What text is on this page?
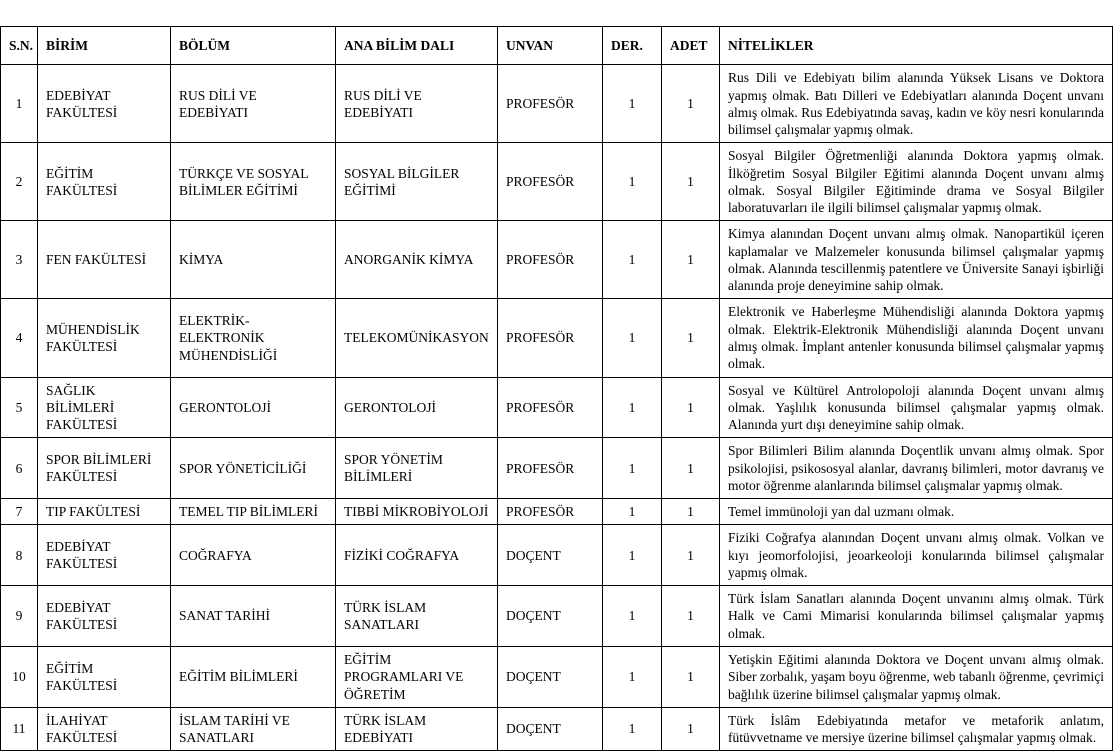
S.N.	BİRİM	BÖLÜM	ANA BİLİM DALI	UNVAN	DER.	ADET	NİTELİKLER
1	EDEBİYAT FAKÜLTESİ	RUS DİLİ VE EDEBİYATI	RUS DİLİ VE EDEBİYATI	PROFESÖR	1	1	Rus Dili ve Edebiyatı bilim alanında Yüksek Lisans ve Doktora yapmış olmak. Batı Dilleri ve Edebiyatları alanında Doçent unvanı almış olmak. Rus Edebiyatında savaş, kadın ve köy nesri konularında bilimsel çalışmalar yapmış olmak.
2	EĞİTİM FAKÜLTESİ	TÜRKÇE VE SOSYAL BİLİMLER EĞİTİMİ	SOSYAL BİLGİLER EĞİTİMİ	PROFESÖR	1	1	Sosyal Bilgiler Öğretmenliği alanında Doktora yapmış olmak. İlköğretim Sosyal Bilgiler Eğitimi alanında Doçent unvanı almış olmak. Sosyal Bilgiler Eğitiminde drama ve Sosyal Bilgiler laboratuvarları ile ilgili bilimsel çalışmalar yapmış olmak.
3	FEN FAKÜLTESİ	KİMYA	ANORGANİK KİMYA	PROFESÖR	1	1	Kimya alanından Doçent unvanı almış olmak. Nanopartikül içeren kaplamalar ve Malzemeler konusunda bilimsel çalışmalar yapmış olmak. Alanında tescillenmiş patentlere ve Üniversite Sanayi işbirliği alanında proje deneyimine sahip olmak.
4	MÜHENDİSLİK FAKÜLTESİ	ELEKTRİK-ELEKTRONİK MÜHENDİSLİĞİ	TELEKOMÜNİKASYON	PROFESÖR	1	1	Elektronik ve Haberleşme Mühendisliği alanında Doktora yapmış olmak. Elektrik-Elektronik Mühendisliği alanında Doçent unvanı almış olmak. İmplant antenler konusunda bilimsel çalışmalar yapmış olmak.
5	SAĞLIK BİLİMLERİ FAKÜLTESİ	GERONTOLOJİ	GERONTOLOJİ	PROFESÖR	1	1	Sosyal ve Kültürel Antrolopoloji alanında Doçent unvanı almış olmak. Yaşlılık konusunda bilimsel çalışmalar yapmış olmak. Alanında yurt dışı deneyimine sahip olmak.
6	SPOR BİLİMLERİ FAKÜLTESİ	SPOR YÖNETİCİLİĞİ	SPOR YÖNETİM BİLİMLERİ	PROFESÖR	1	1	Spor Bilimleri Bilim alanında Doçentlik unvanı almış olmak. Spor psikolojisi, psikososyal alanlar, davranış bilimleri, motor davranış ve motor öğrenme alanlarında bilimsel çalışmalar yapmış olmak.
7	TIP FAKÜLTESİ	TEMEL TIP BİLİMLERİ	TIBBİ MİKROBİYOLOJİ	PROFESÖR	1	1	Temel immünoloji yan dal uzmanı olmak.
8	EDEBİYAT FAKÜLTESİ	COĞRAFYA	FİZİKİ COĞRAFYA	DOÇENT	1	1	Fiziki Coğrafya alanından Doçent unvanı almış olmak. Volkan ve kıyı jeomorfolojisi, jeoarkeoloji konularında bilimsel çalışmalar yapmış olmak.
9	EDEBİYAT FAKÜLTESİ	SANAT TARİHİ	TÜRK İSLAM SANATLARI	DOÇENT	1	1	Türk İslam Sanatları alanında Doçent unvanını almış olmak. Türk Halk ve Cami Mimarisi konularında bilimsel çalışmalar yapmış olmak.
10	EĞİTİM FAKÜLTESİ	EĞİTİM BİLİMLERİ	EĞİTİM PROGRAMLARI VE ÖĞRETİM	DOÇENT	1	1	Yetişkin Eğitimi alanında Doktora ve Doçent unvanı almış olmak. Siber zorbalık, yaşam boyu öğrenme, web tabanlı öğrenme, çevrimiçi bağlılık üzerine bilimsel çalışmalar yapmış olmak.
11	İLAHİYAT FAKÜLTESİ	İSLAM TARİHİ VE SANATLARI	TÜRK İSLAM EDEBİYATI	DOÇENT	1	1	Türk İslâm Edebiyatında metafor ve metaforik anlatım, fütüvvetname ve mersiye üzerine bilimsel çalışmalar yapmış olmak.
